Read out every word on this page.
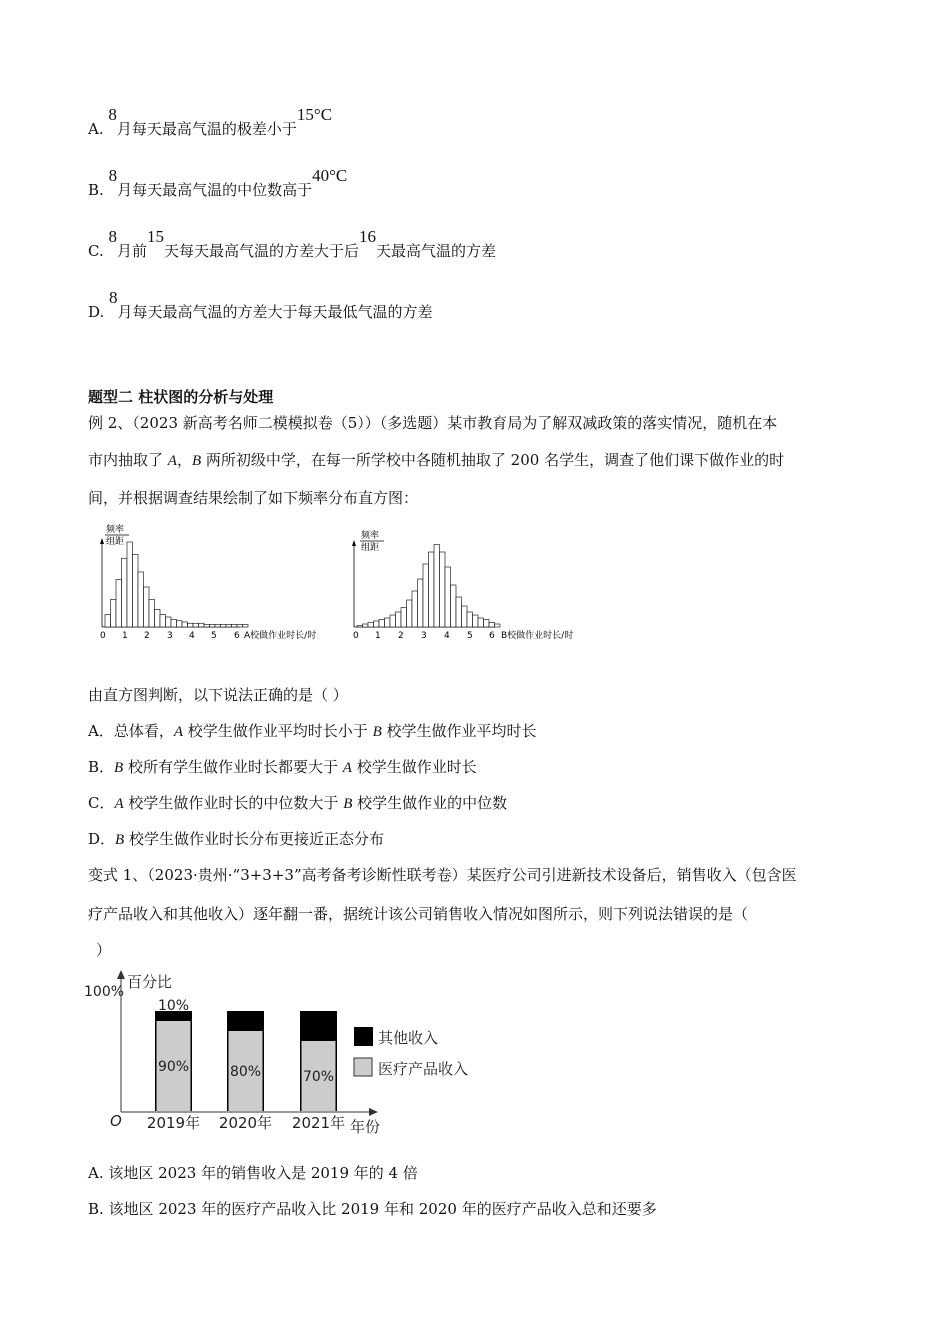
A. 8月每天最高气温的极差小于15°C
B. 8月每天最高气温的中位数高于40°C
C. 8月前15天每天最高气温的方差大于后16天最高气温的方差
D. 8月每天最高气温的方差大于每天最低气温的方差
题型二 柱状图的分析与处理
例 2、（2023 新高考名师二模模拟卷（5））（多选题）某市教育局为了解双减政策的落实情况，随机在本
市内抽取了 A，B 两所初级中学，在每一所学校中各随机抽取了 200 名学生，调查了他们课下做作业的时
间，并根据调查结果绘制了如下频率分布直方图：
频率
组距
0 1 2 3 4 5 6 A校做作业时长/时
频率
组距
0 1 2 3 4 5 6 B校做作业时长/时
由直方图判断，以下说法正确的是（ ）
A．总体看，A 校学生做作业平均时长小于 B 校学生做作业平均时长
B．B 校所有学生做作业时长都要大于 A 校学生做作业时长
C．A 校学生做作业时长的中位数大于 B 校学生做作业的中位数
D．B 校学生做作业时长分布更接近正态分布
变式 1、（2023·贵州·“3+3+3”高考备考诊断性联考卷）某医疗公司引进新技术设备后，销售收入（包含医
疗产品收入和其他收入）逐年翻一番，据统计该公司销售收入情况如图所示，则下列说法错误的是（
）
百分比
100%
O	年份
90%
10%
2019年
80%
2020年
70%
2021年
其他收入
医疗产品收入
A. 该地区 2023 年的销售收入是 2019 年的 4 倍
B. 该地区 2023 年的医疗产品收入比 2019 年和 2020 年的医疗产品收入总和还要多
